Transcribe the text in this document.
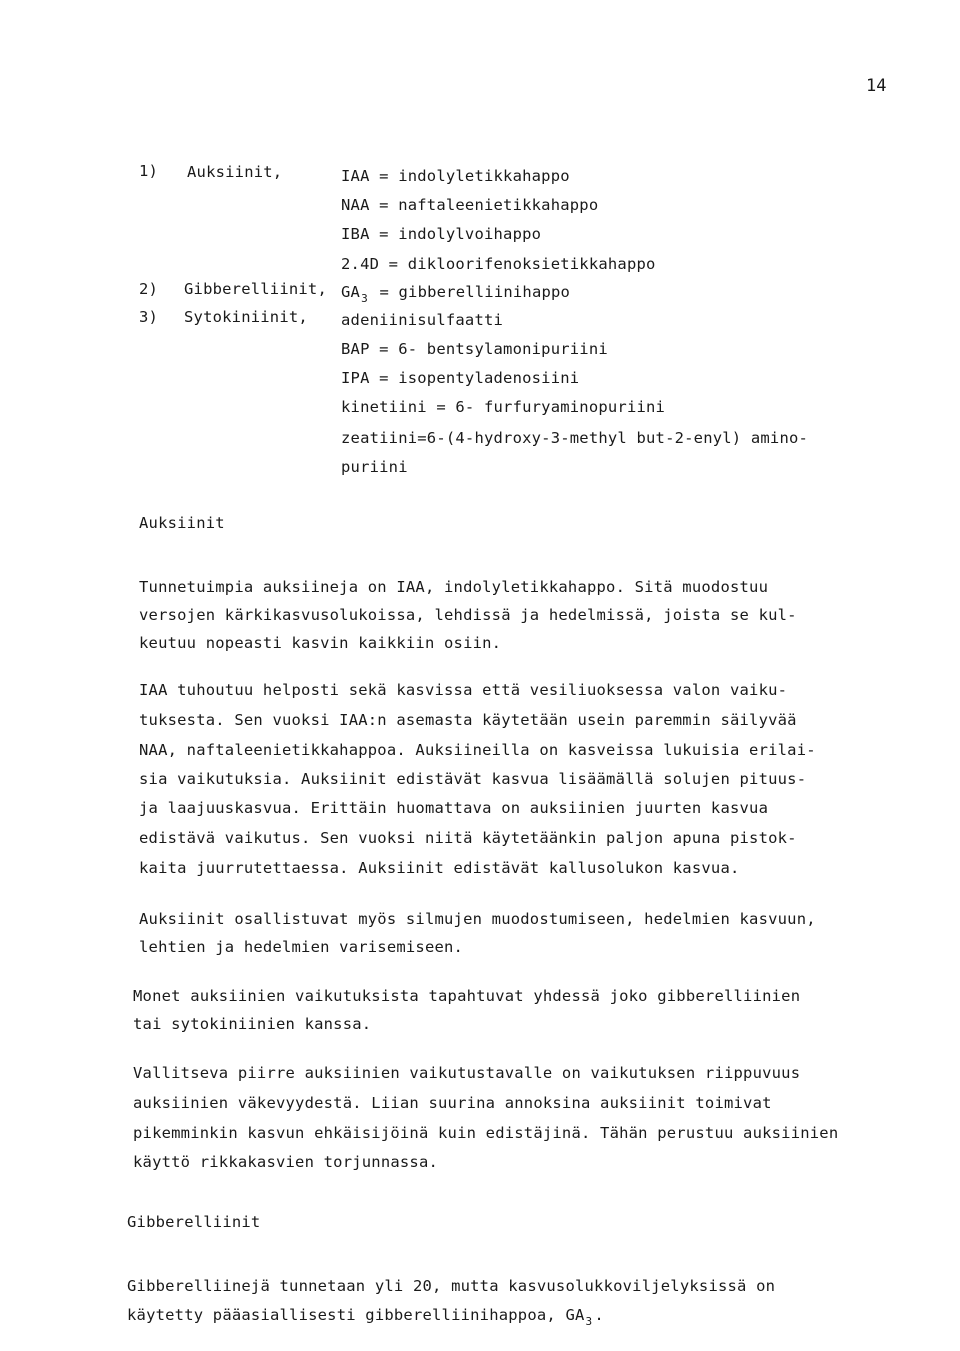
14
1) Auksiinit,	IAA = indolyletikkahappo
NAA = naftaleenietikkahappo
IBA = indolylvoihappo
2.4D = dikloorifenoksietikkahappo
2) Gibberelliinit, $GA_3$ = gibberelliinihappo
3) Sytokiniinit, adeniinisulfaatti
BAP = 6- bentsylamonipuriini
IPA = isopentyladenosiini
kinetiini = 6- furfuryaminopuriini
zeatiini=6-(4-hydroxy-3-methyl but-2-enyl) amino-
puriini
Auksiinit
Tunnetuimpia auksiineja on IAA, indolyletikkahappo. Sitä muodostuu
versojen kärkikasvusolukoissa, lehdissä ja hedelmissä, joista se kul-
keutuu nopeasti kasvin kaikkiin osiin.
IAA tuhoutuu helposti sekä kasvissa että vesiliuoksessa valon vaiku-
tuksesta. Sen vuoksi IAA:n asemasta käytetään usein paremmin säilyvää
NAA, naftaleenietikkahappoa. Auksiineilla on kasveissa lukuisia erilai-
sia vaikutuksia. Auksiinit edistävät kasvua lisäämällä solujen pituus-
ja laajuuskasvua. Erittäin huomattava on auksiinien juurten kasvua
edistävä vaikutus. Sen vuoksi niitä käytetäänkin paljon apuna pistok-
kaita juurrutettaessa. Auksiinit edistävät kallusolukon kasvua.
Auksiinit osallistuvat myös silmujen muodostumiseen, hedelmien kasvuun,
lehtien ja hedelmien varisemiseen.
Monet auksiinien vaikutuksista tapahtuvat yhdessä joko gibberelliinien
tai sytokiniinien kanssa.
Vallitseva piirre auksiinien vaikutustavalle on vaikutuksen riippuvuus
auksiinien väkevyydestä. Liian suurina annoksina auksiinit toimivat
pikemminkin kasvun ehkäisijöinä kuin edistäjinä. Tähän perustuu auksiinien
käyttö rikkakasvien torjunnassa.
Gibberelliinit
Gibberelliinejä tunnetaan yli 20, mutta kasvusolukkoviljelyksissä on
käytetty pääasiallisesti gibberelliinihappoa, $GA_3$ .
